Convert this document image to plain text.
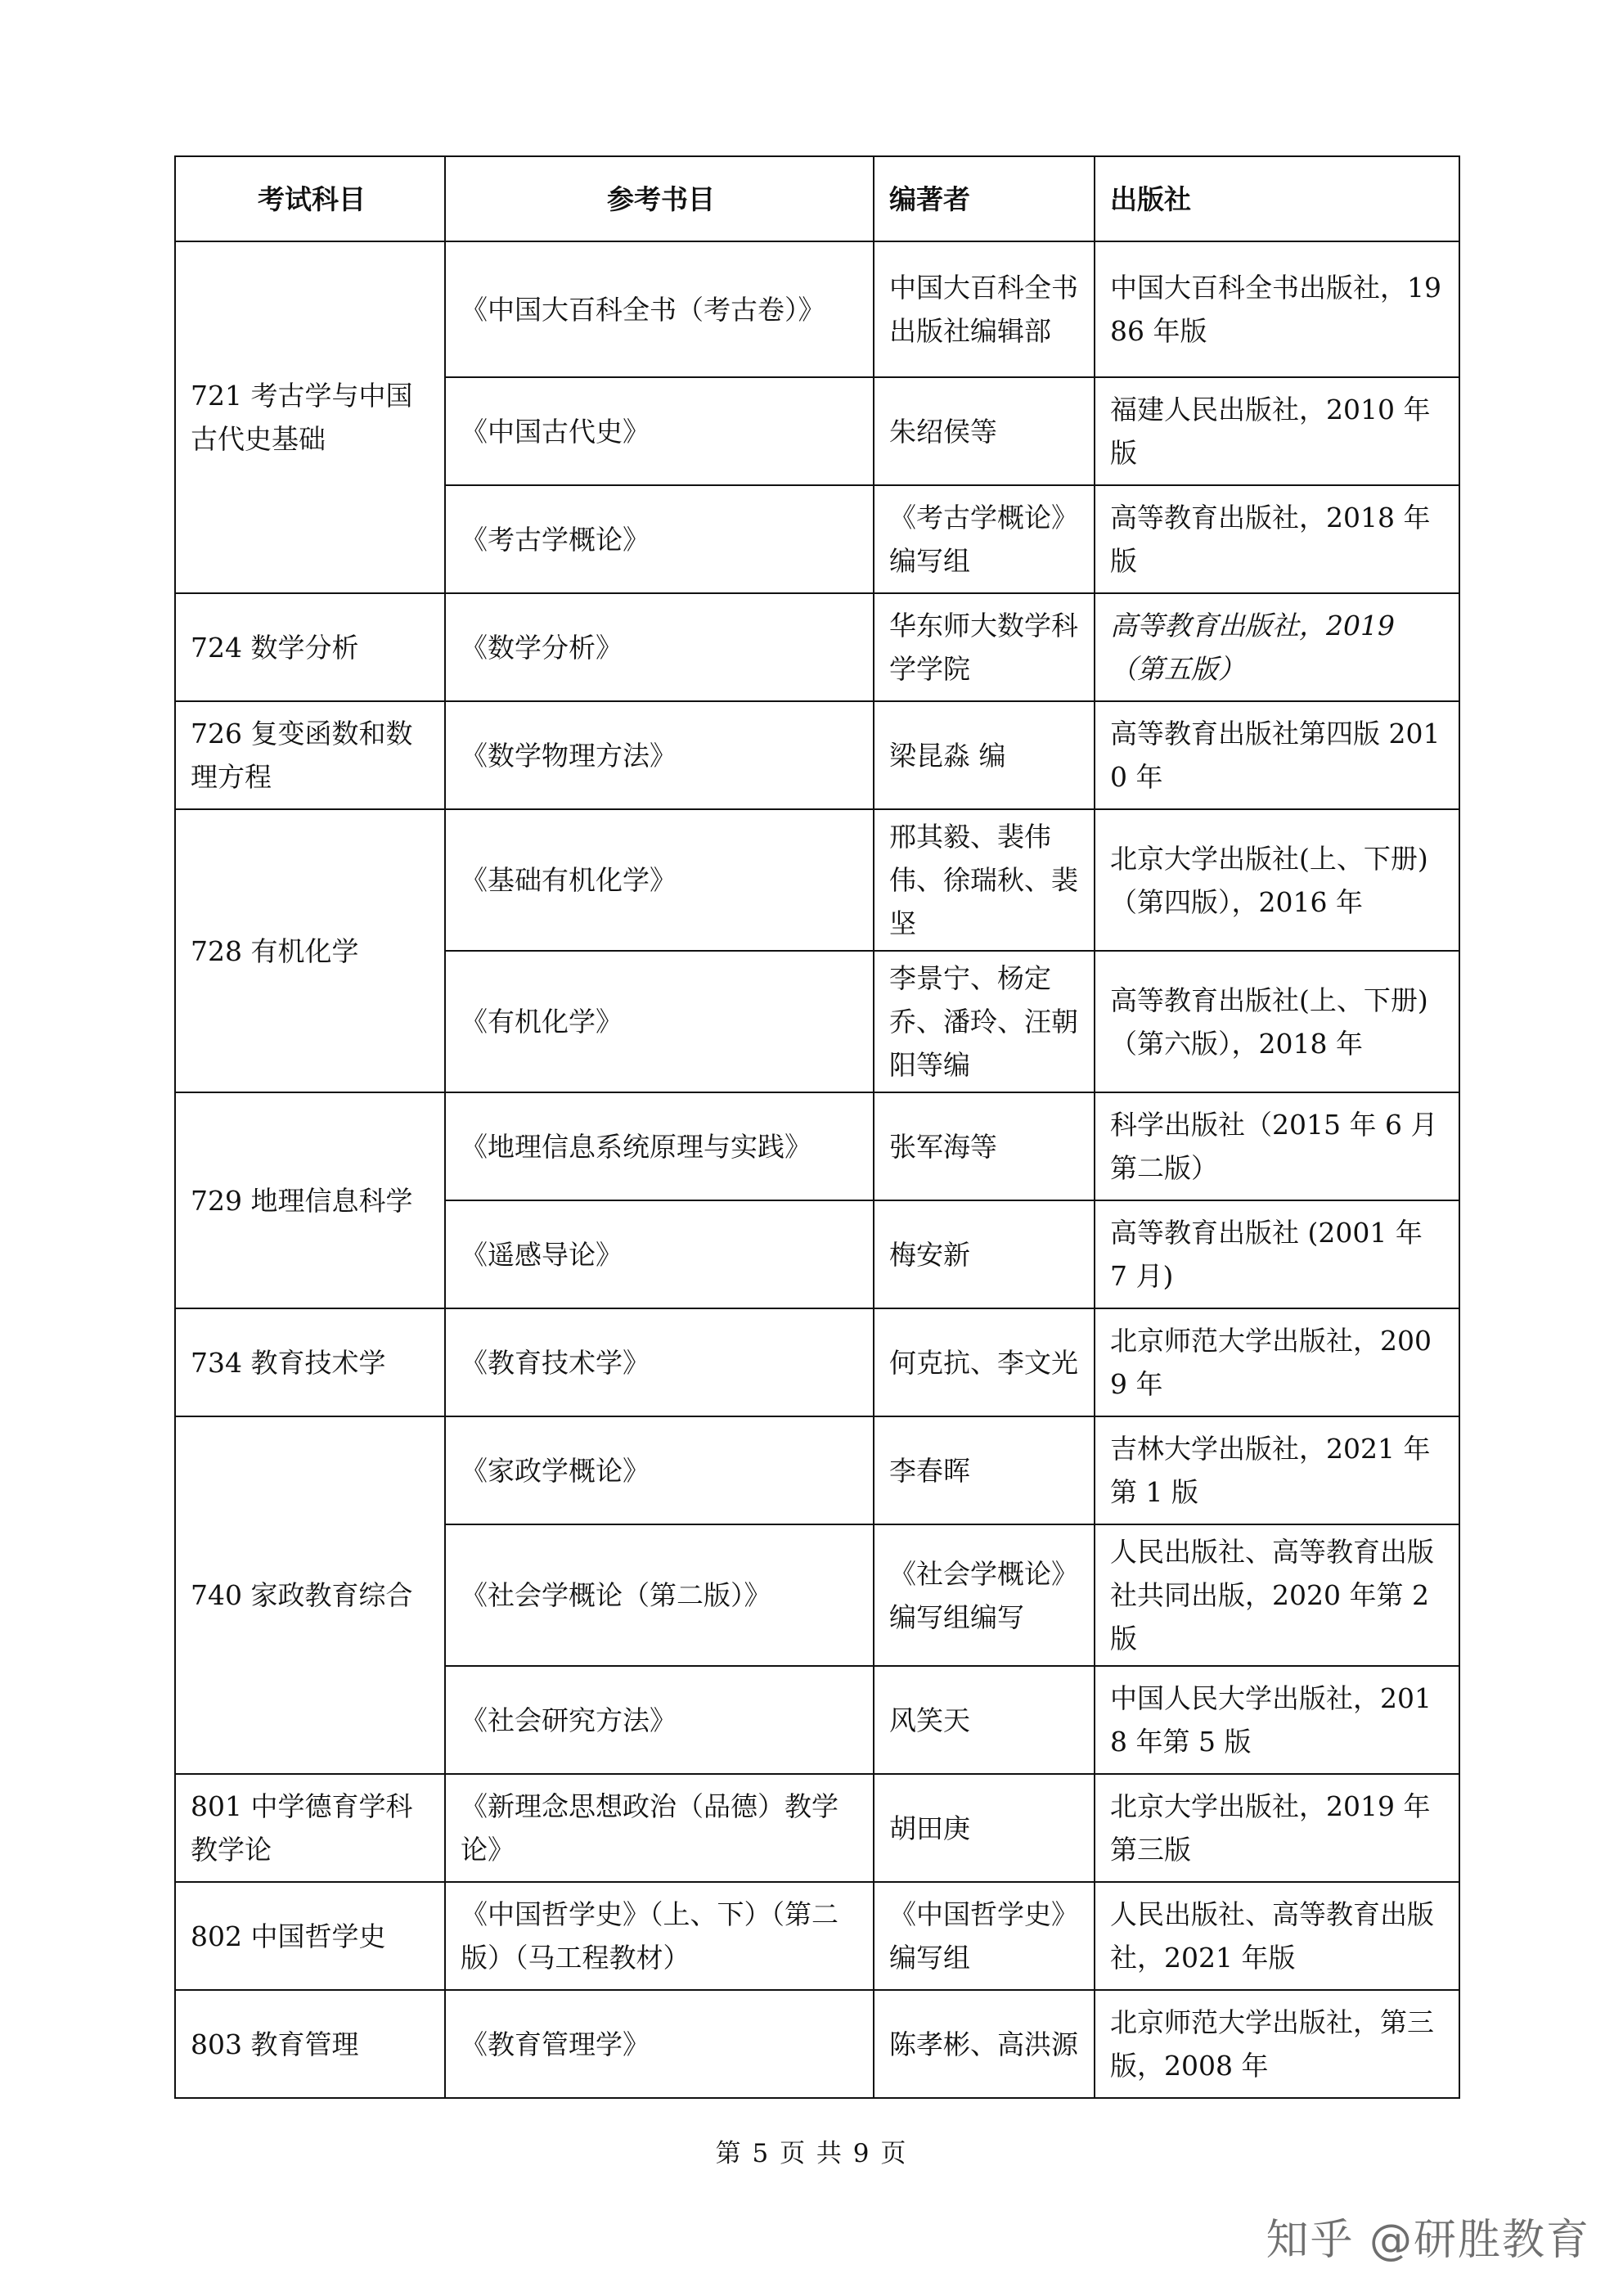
考试科目	参考书目	编著者	出版社
721 考古学与中国古代史基础	《中国大百科全书（考古卷）》	中国大百科全书出版社编辑部	中国大百科全书出版社，1986 年版
	《中国古代史》	朱绍侯等	福建人民出版社，2010 年版
	《考古学概论》	《考古学概论》编写组	高等教育出版社，2018 年版
724 数学分析	《数学分析》	华东师大数学科学学院	高等教育出版社，2019（第五版）
726 复变函数和数理方程	《数学物理方法》	梁昆淼 编	高等教育出版社第四版 2010 年
728 有机化学	《基础有机化学》	邢其毅、裴伟伟、徐瑞秋、裴坚	北京大学出版社(上、下册)（第四版），2016 年
	《有机化学》	李景宁、杨定乔、潘玲、汪朝阳等编	高等教育出版社(上、下册)（第六版），2018 年
729 地理信息科学	《地理信息系统原理与实践》	张军海等	科学出版社（2015 年 6 月第二版）
	《遥感导论》	梅安新	高等教育出版社 (2001 年 7 月)
734 教育技术学	《教育技术学》	何克抗、李文光	北京师范大学出版社，2009 年
740 家政教育综合	《家政学概论》	李春晖	吉林大学出版社，2021 年第 1 版
	《社会学概论（第二版）》	《社会学概论》编写组编写	人民出版社、高等教育出版社共同出版，2020 年第 2 版
	《社会研究方法》	风笑天	中国人民大学出版社，2018 年第 5 版
801 中学德育学科教学论	《新理念思想政治（品德）教学论》	胡田庚	北京大学出版社，2019 年第三版
802 中国哲学史	《中国哲学史》（上、下）（第二版）（马工程教材）	《中国哲学史》编写组	人民出版社、高等教育出版社，2021 年版
803 教育管理	《教育管理学》	陈孝彬、高洪源	北京师范大学出版社，第三版，2008 年
第 5 页 共 9 页
知乎 @研胜教育
